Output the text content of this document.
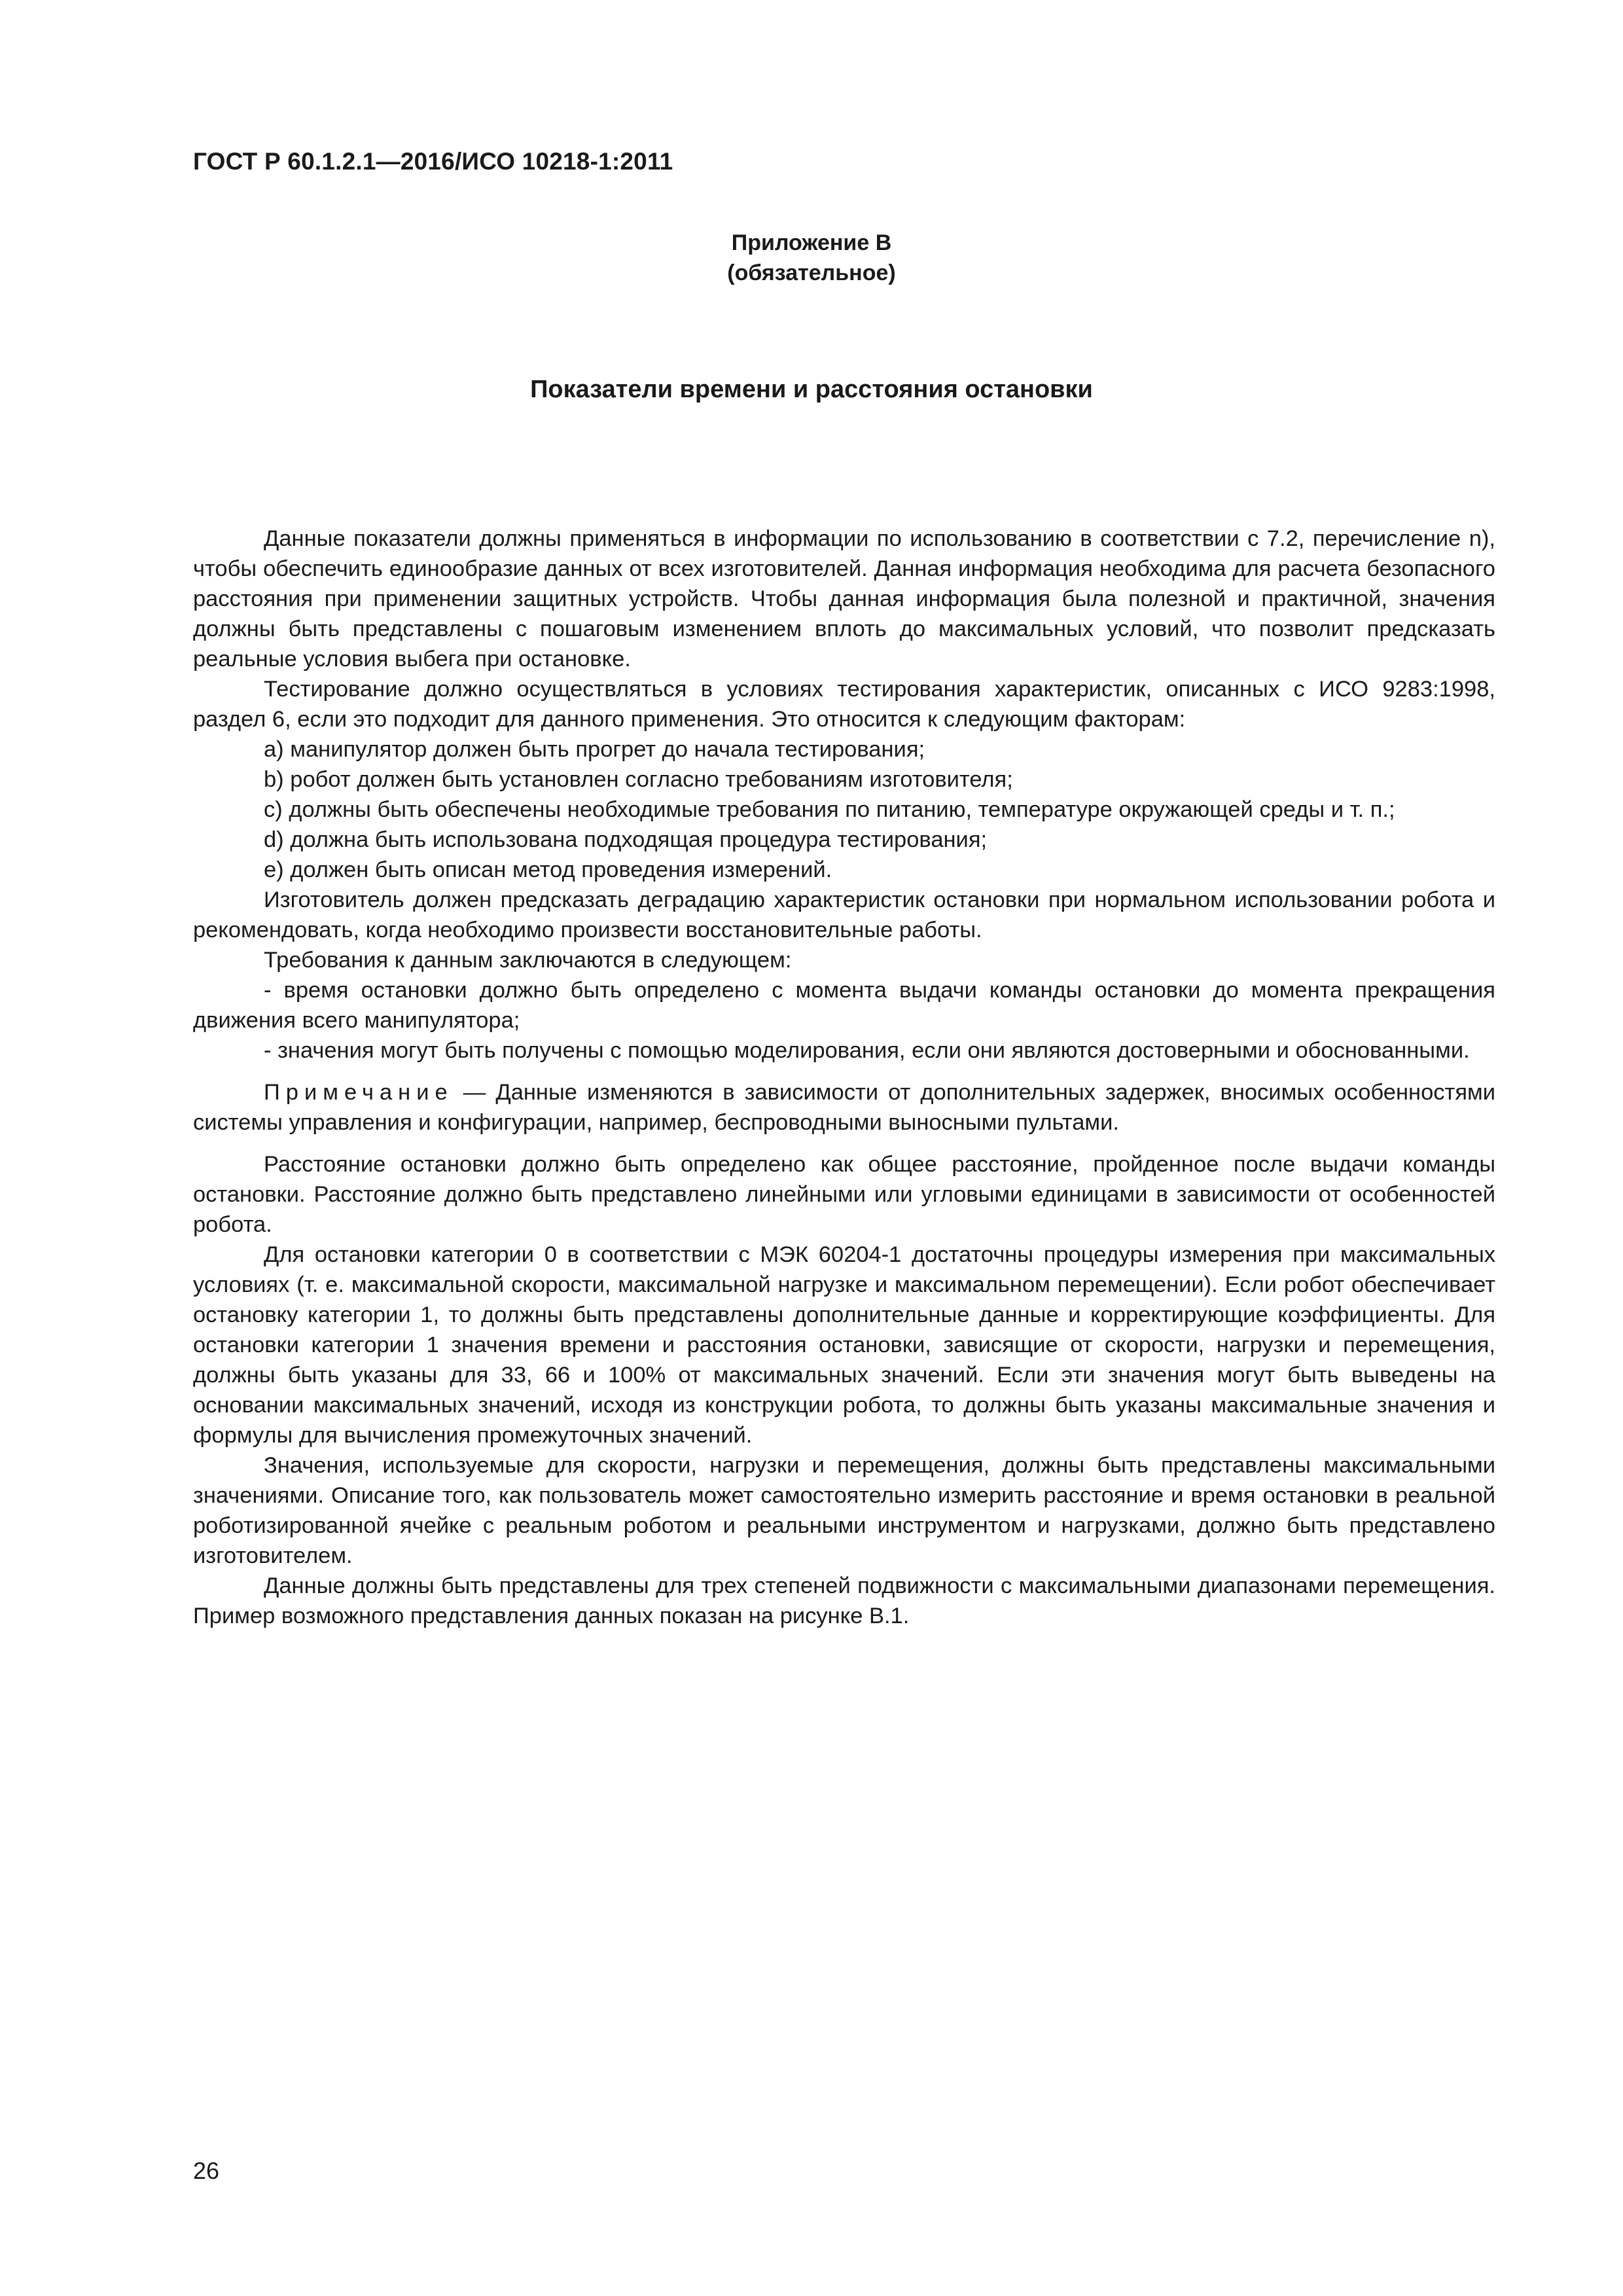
ГОСТ Р 60.1.2.1—2016/ИСО 10218-1:2011
Приложение В
(обязательное)
Показатели времени и расстояния остановки

Данные показатели должны применяться в информации по использованию в соответствии с 7.2, перечисление n), чтобы обеспечить единообразие данных от всех изготовителей. Данная информация необходима для расчета безопасного расстояния при применении защитных устройств. Чтобы данная информация была полезной и практичной, значения должны быть представлены с пошаговым изменением вплоть до максимальных условий, что позволит предсказать реальные условия выбега при остановке.

Тестирование должно осуществляться в условиях тестирования характеристик, описанных с ИСО 9283:1998, раздел 6, если это подходит для данного применения. Это относится к следующим факторам:

a) манипулятор должен быть прогрет до начала тестирования;

b) робот должен быть установлен согласно требованиям изготовителя;

c) должны быть обеспечены необходимые требования по питанию, температуре окружающей среды и т. п.;

d) должна быть использована подходящая процедура тестирования;

e) должен быть описан метод проведения измерений.

Изготовитель должен предсказать деградацию характеристик остановки при нормальном использовании робота и рекомендовать, когда необходимо произвести восстановительные работы.

Требования к данным заключаются в следующем:

- время остановки должно быть определено с момента выдачи команды остановки до момента прекращения движения всего манипулятора;

- значения могут быть получены с помощью моделирования, если они являются достоверными и обоснованными.

Примечание — Данные изменяются в зависимости от дополнительных задержек, вносимых особенностями системы управления и конфигурации, например, беспроводными выносными пультами.

Расстояние остановки должно быть определено как общее расстояние, пройденное после выдачи команды остановки. Расстояние должно быть представлено линейными или угловыми единицами в зависимости от особенностей робота.

Для остановки категории 0 в соответствии с МЭК 60204-1 достаточны процедуры измерения при максимальных условиях (т. е. максимальной скорости, максимальной нагрузке и максимальном перемещении). Если робот обеспечивает остановку категории 1, то должны быть представлены дополнительные данные и корректирующие коэффициенты. Для остановки категории 1 значения времени и расстояния остановки, зависящие от скорости, нагрузки и перемещения, должны быть указаны для 33, 66 и 100% от максимальных значений. Если эти значения могут быть выведены на основании максимальных значений, исходя из конструкции робота, то должны быть указаны максимальные значения и формулы для вычисления промежуточных значений.

Значения, используемые для скорости, нагрузки и перемещения, должны быть представлены максимальными значениями. Описание того, как пользователь может самостоятельно измерить расстояние и время остановки в реальной роботизированной ячейке с реальным роботом и реальными инструментом и нагрузками, должно быть представлено изготовителем.

Данные должны быть представлены для трех степеней подвижности с максимальными диапазонами перемещения. Пример возможного представления данных показан на рисунке В.1.

26
